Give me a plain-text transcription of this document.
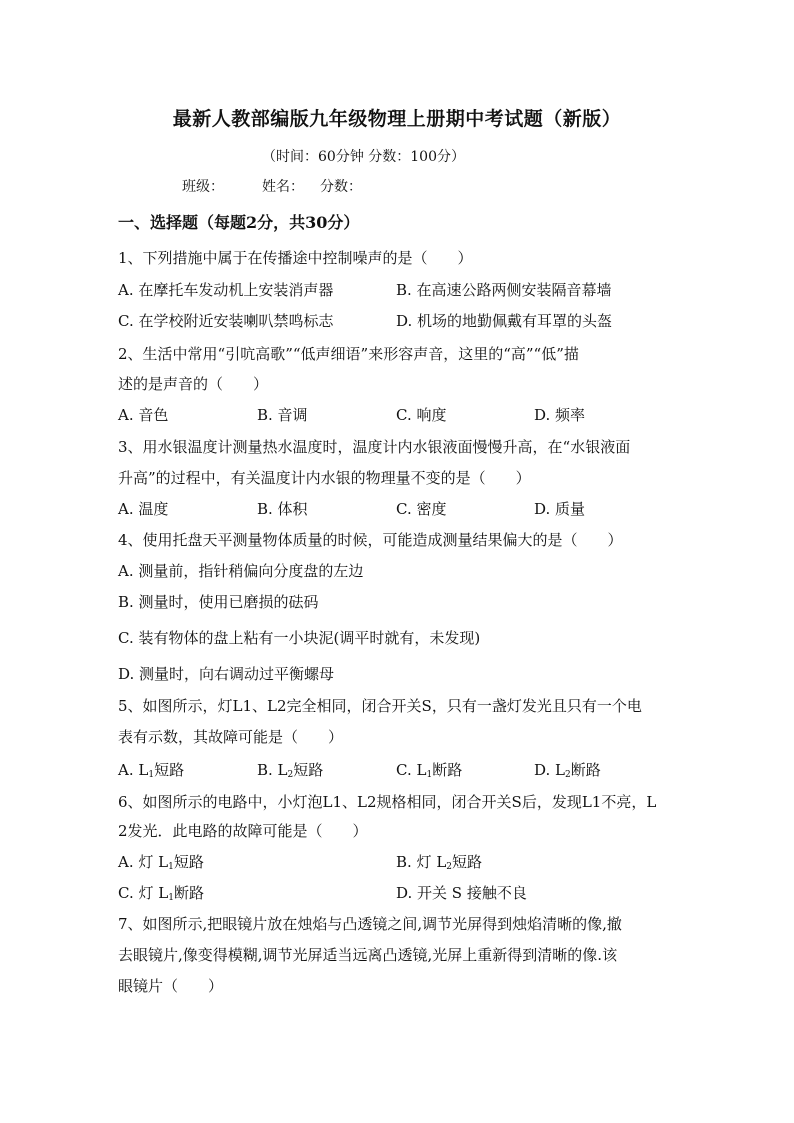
最新人教部编版九年级物理上册期中考试题（新版）
（时间：60分钟 分数：100分）
班级：	姓名： 分数：
一、选择题（每题2分，共30分）
1、下列措施中属于在传播途中控制噪声的是（　　）
A. 在摩托车发动机上安装消声器	B. 在高速公路两侧安装隔音幕墙
C. 在学校附近安装喇叭禁鸣标志	D. 机场的地勤佩戴有耳罩的头盔
2、生活中常用“引吭高歌”“低声细语”来形容声音，这里的“高”“低”描
述的是声音的（　　）
A. 音色	B. 音调	C. 响度	D. 频率
3、用水银温度计测量热水温度时，温度计内水银液面慢慢升高，在“水银液面
升高”的过程中，有关温度计内水银的物理量不变的是（　　）
A. 温度	B. 体积	C. 密度	D. 质量
4、使用托盘天平测量物体质量的时候，可能造成测量结果偏大的是（　　）
A. 测量前，指针稍偏向分度盘的左边
B. 测量时，使用已磨损的砝码
C. 装有物体的盘上粘有一小块泥(调平时就有，未发现)
D. 测量时，向右调动过平衡螺母
5、如图所示，灯L1、L2完全相同，闭合开关S，只有一盏灯发光且只有一个电
表有示数，其故障可能是（　　）
A. $L_1$短路	B. $L_2$短路	C. $L_1$断路	D. $L_2$断路
6、如图所示的电路中，小灯泡L1、L2规格相同，闭合开关S后，发现L1不亮，L
2发光．此电路的故障可能是（　　）
A. 灯 $L_1$短路	B. 灯 $L_2$短路
C. 灯 $L_1$断路	D. 开关 S 接触不良
7、如图所示,把眼镜片放在烛焰与凸透镜之间,调节光屏得到烛焰清晰的像,撤
去眼镜片,像变得模糊,调节光屏适当远离凸透镜,光屏上重新得到清晰的像.该
眼镜片（　　）
